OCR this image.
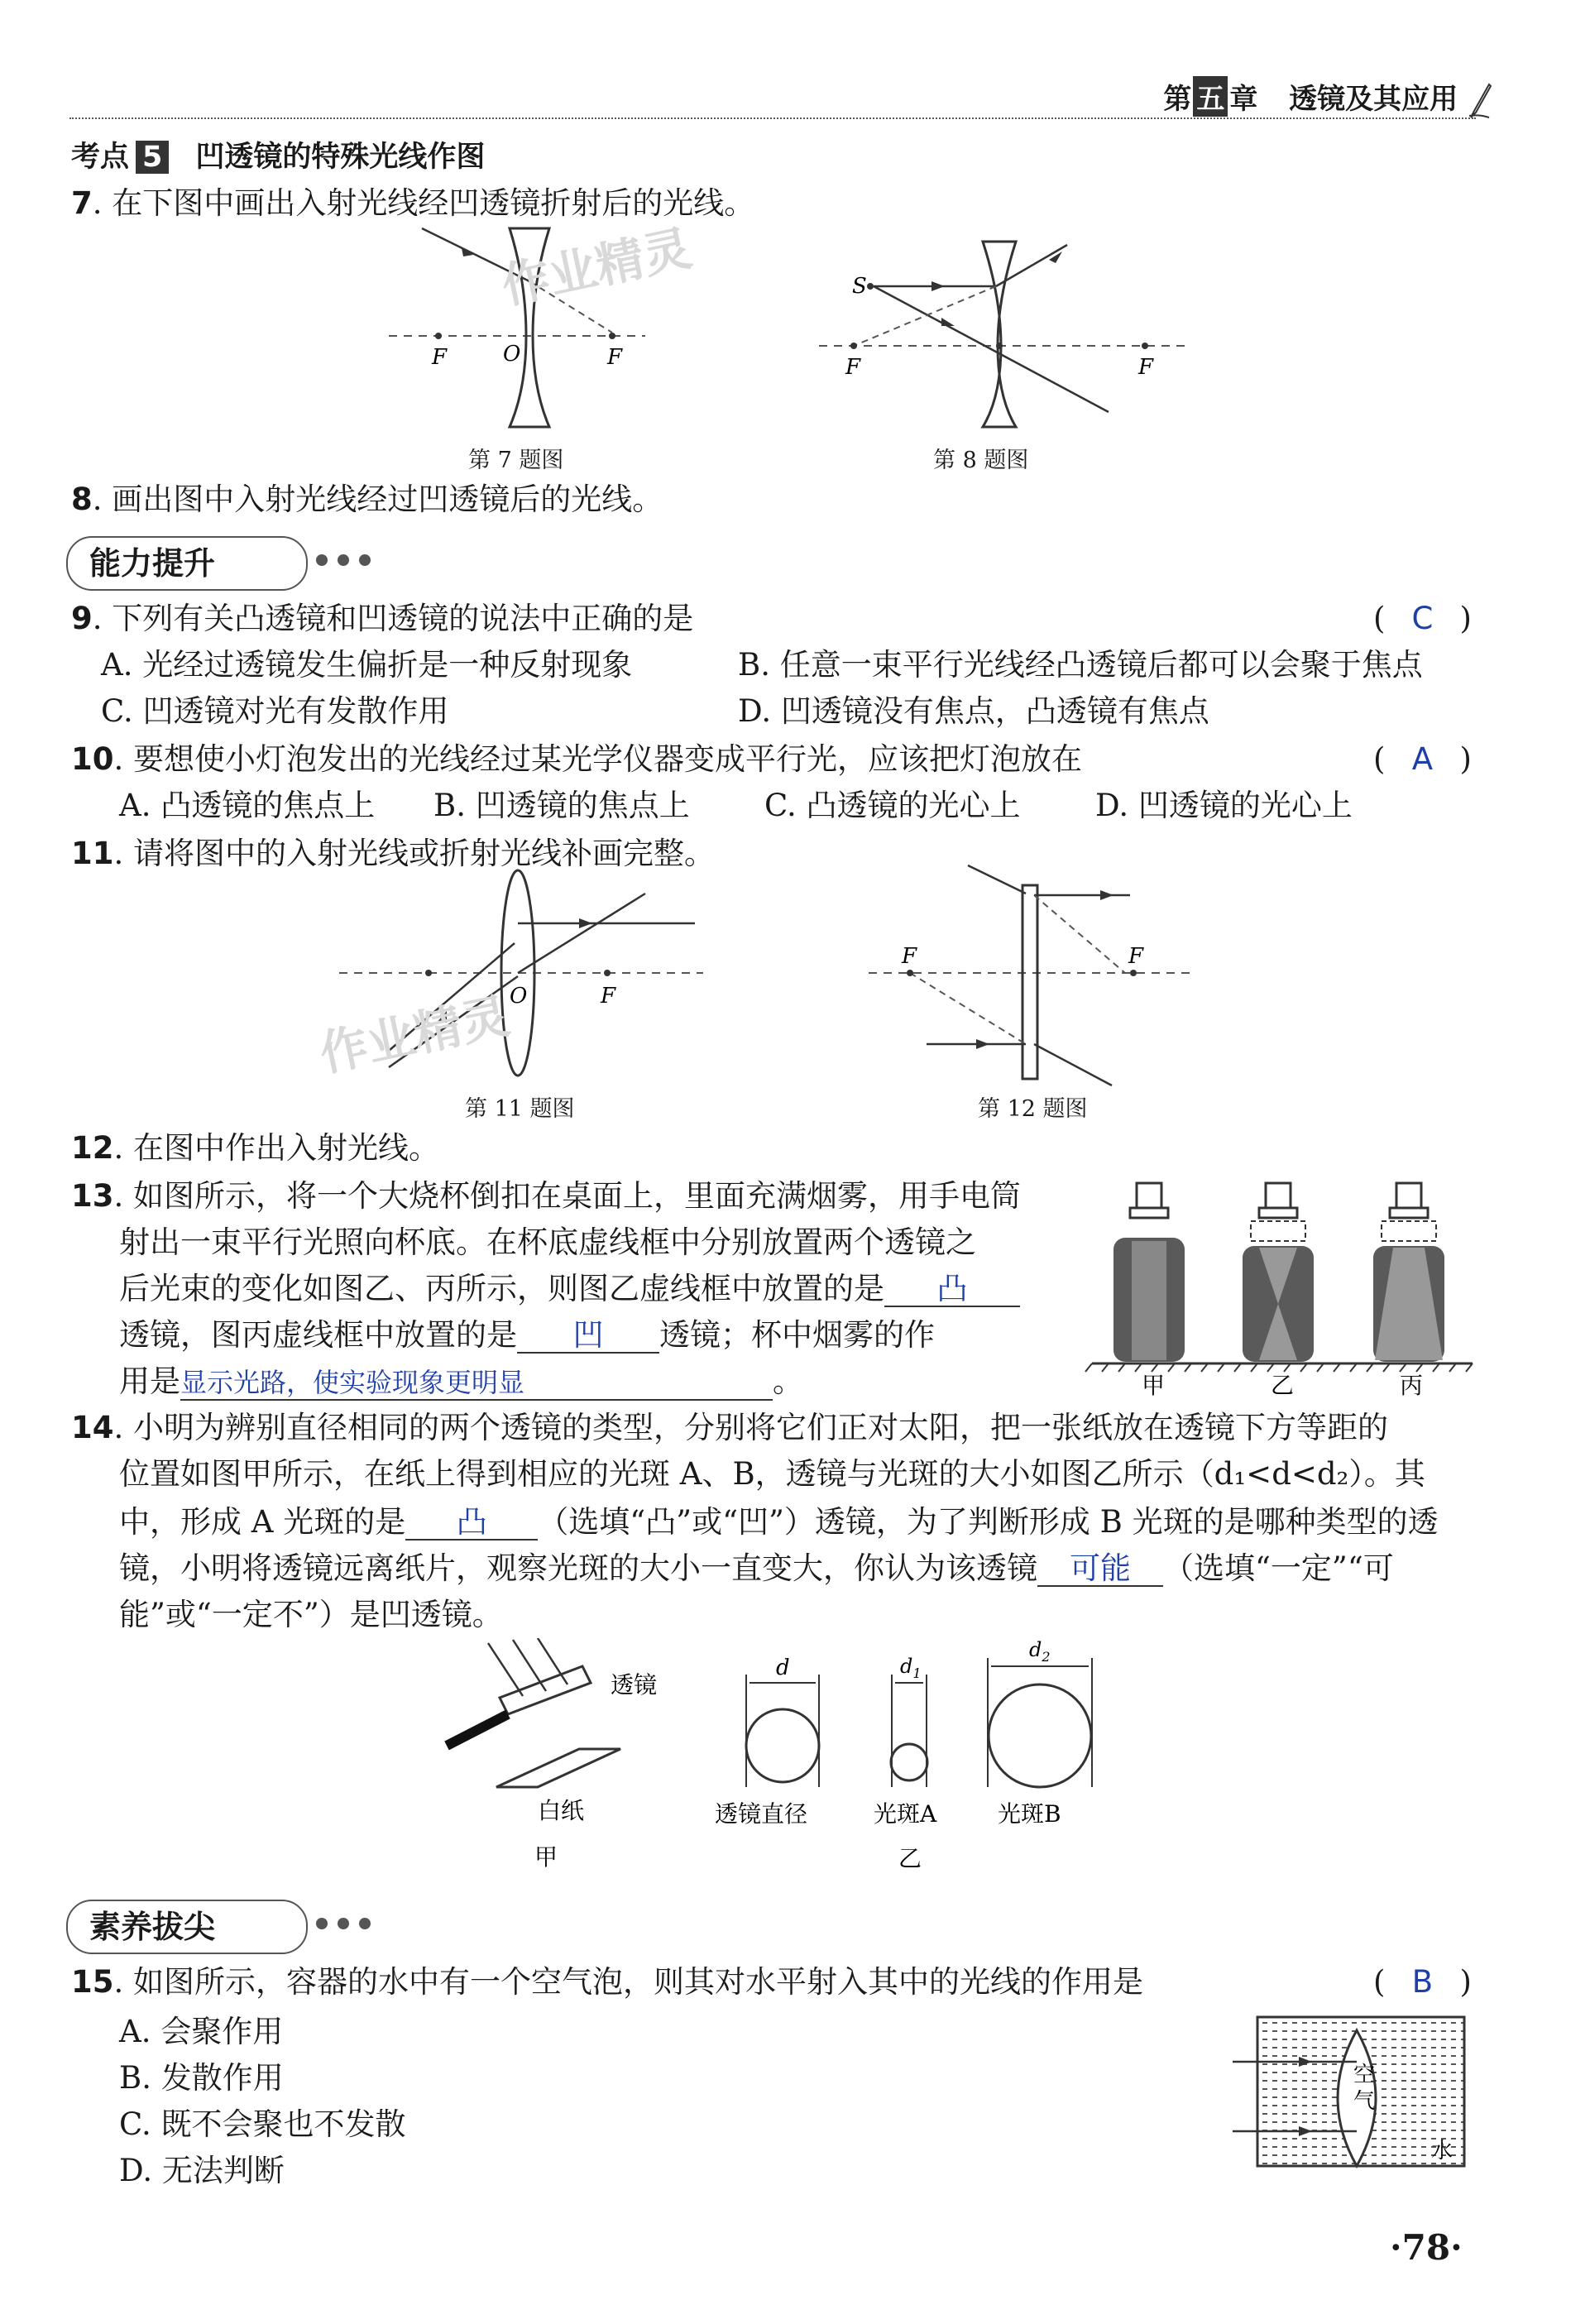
第 五 章 透镜及其应用
考点 5 凹透镜的特殊光线作图
7. 在下图中画出入射光线经凹透镜折射后的光线。
F	O	F
S
F	F
作业精灵
第 7 题图	第 8 题图
8. 画出图中入射光线经过凹透镜后的光线。
能力提升
9. 下列有关凸透镜和凹透镜的说法中正确的是	( C )
A. 光经过透镜发生偏折是一种反射现象	B. 任意一束平行光线经凸透镜后都可以会聚于焦点
C. 凹透镜对光有发散作用	D. 凹透镜没有焦点，凸透镜有焦点
10. 要想使小灯泡发出的光线经过某光学仪器变成平行光，应该把灯泡放在	( A )
A. 凸透镜的焦点上 B. 凹透镜的焦点上 C. 凸透镜的光心上 D. 凹透镜的光心上
11. 请将图中的入射光线或折射光线补画完整。
O	F
F	F
作业精灵
第 11 题图	第 12 题图
12. 在图中作出入射光线。
13. 如图所示，将一个大烧杯倒扣在桌面上，里面充满烟雾，用手电筒
射出一束平行光照向杯底。在杯底虚线框中分别放置两个透镜之
后光束的变化如图乙、丙所示，则图乙虚线框中放置的是 凸
透镜，图丙虚线框中放置的是 凹 透镜；杯中烟雾的作
用是显示光路，使实验现象更明显	。	甲	乙	丙
14. 小明为辨别直径相同的两个透镜的类型，分别将它们正对太阳，把一张纸放在透镜下方等距的
位置如图甲所示，在纸上得到相应的光斑 A、B，透镜与光斑的大小如图乙所示（d₁<d<d₂）。其
中，形成 A 光斑的是 凸 （选填“凸”或“凹”）透镜，为了判断形成 B 光斑的是哪种类型的透
镜，小明将透镜远离纸片，观察光斑的大小一直变大，你认为该透镜 可能 （选填“一定”“可
能”或“一定不”）是凹透镜。
透镜
白纸
甲
d	$d_1$
$d_2$
透镜直径	光斑A	光斑B
乙
素养拔尖
15. 如图所示，容器的水中有一个空气泡，则其对水平射入其中的光线的作用是	( B )
A. 会聚作用
B. 发散作用
C. 既不会聚也不发散
D. 无法判断
空
气
水
·78·
